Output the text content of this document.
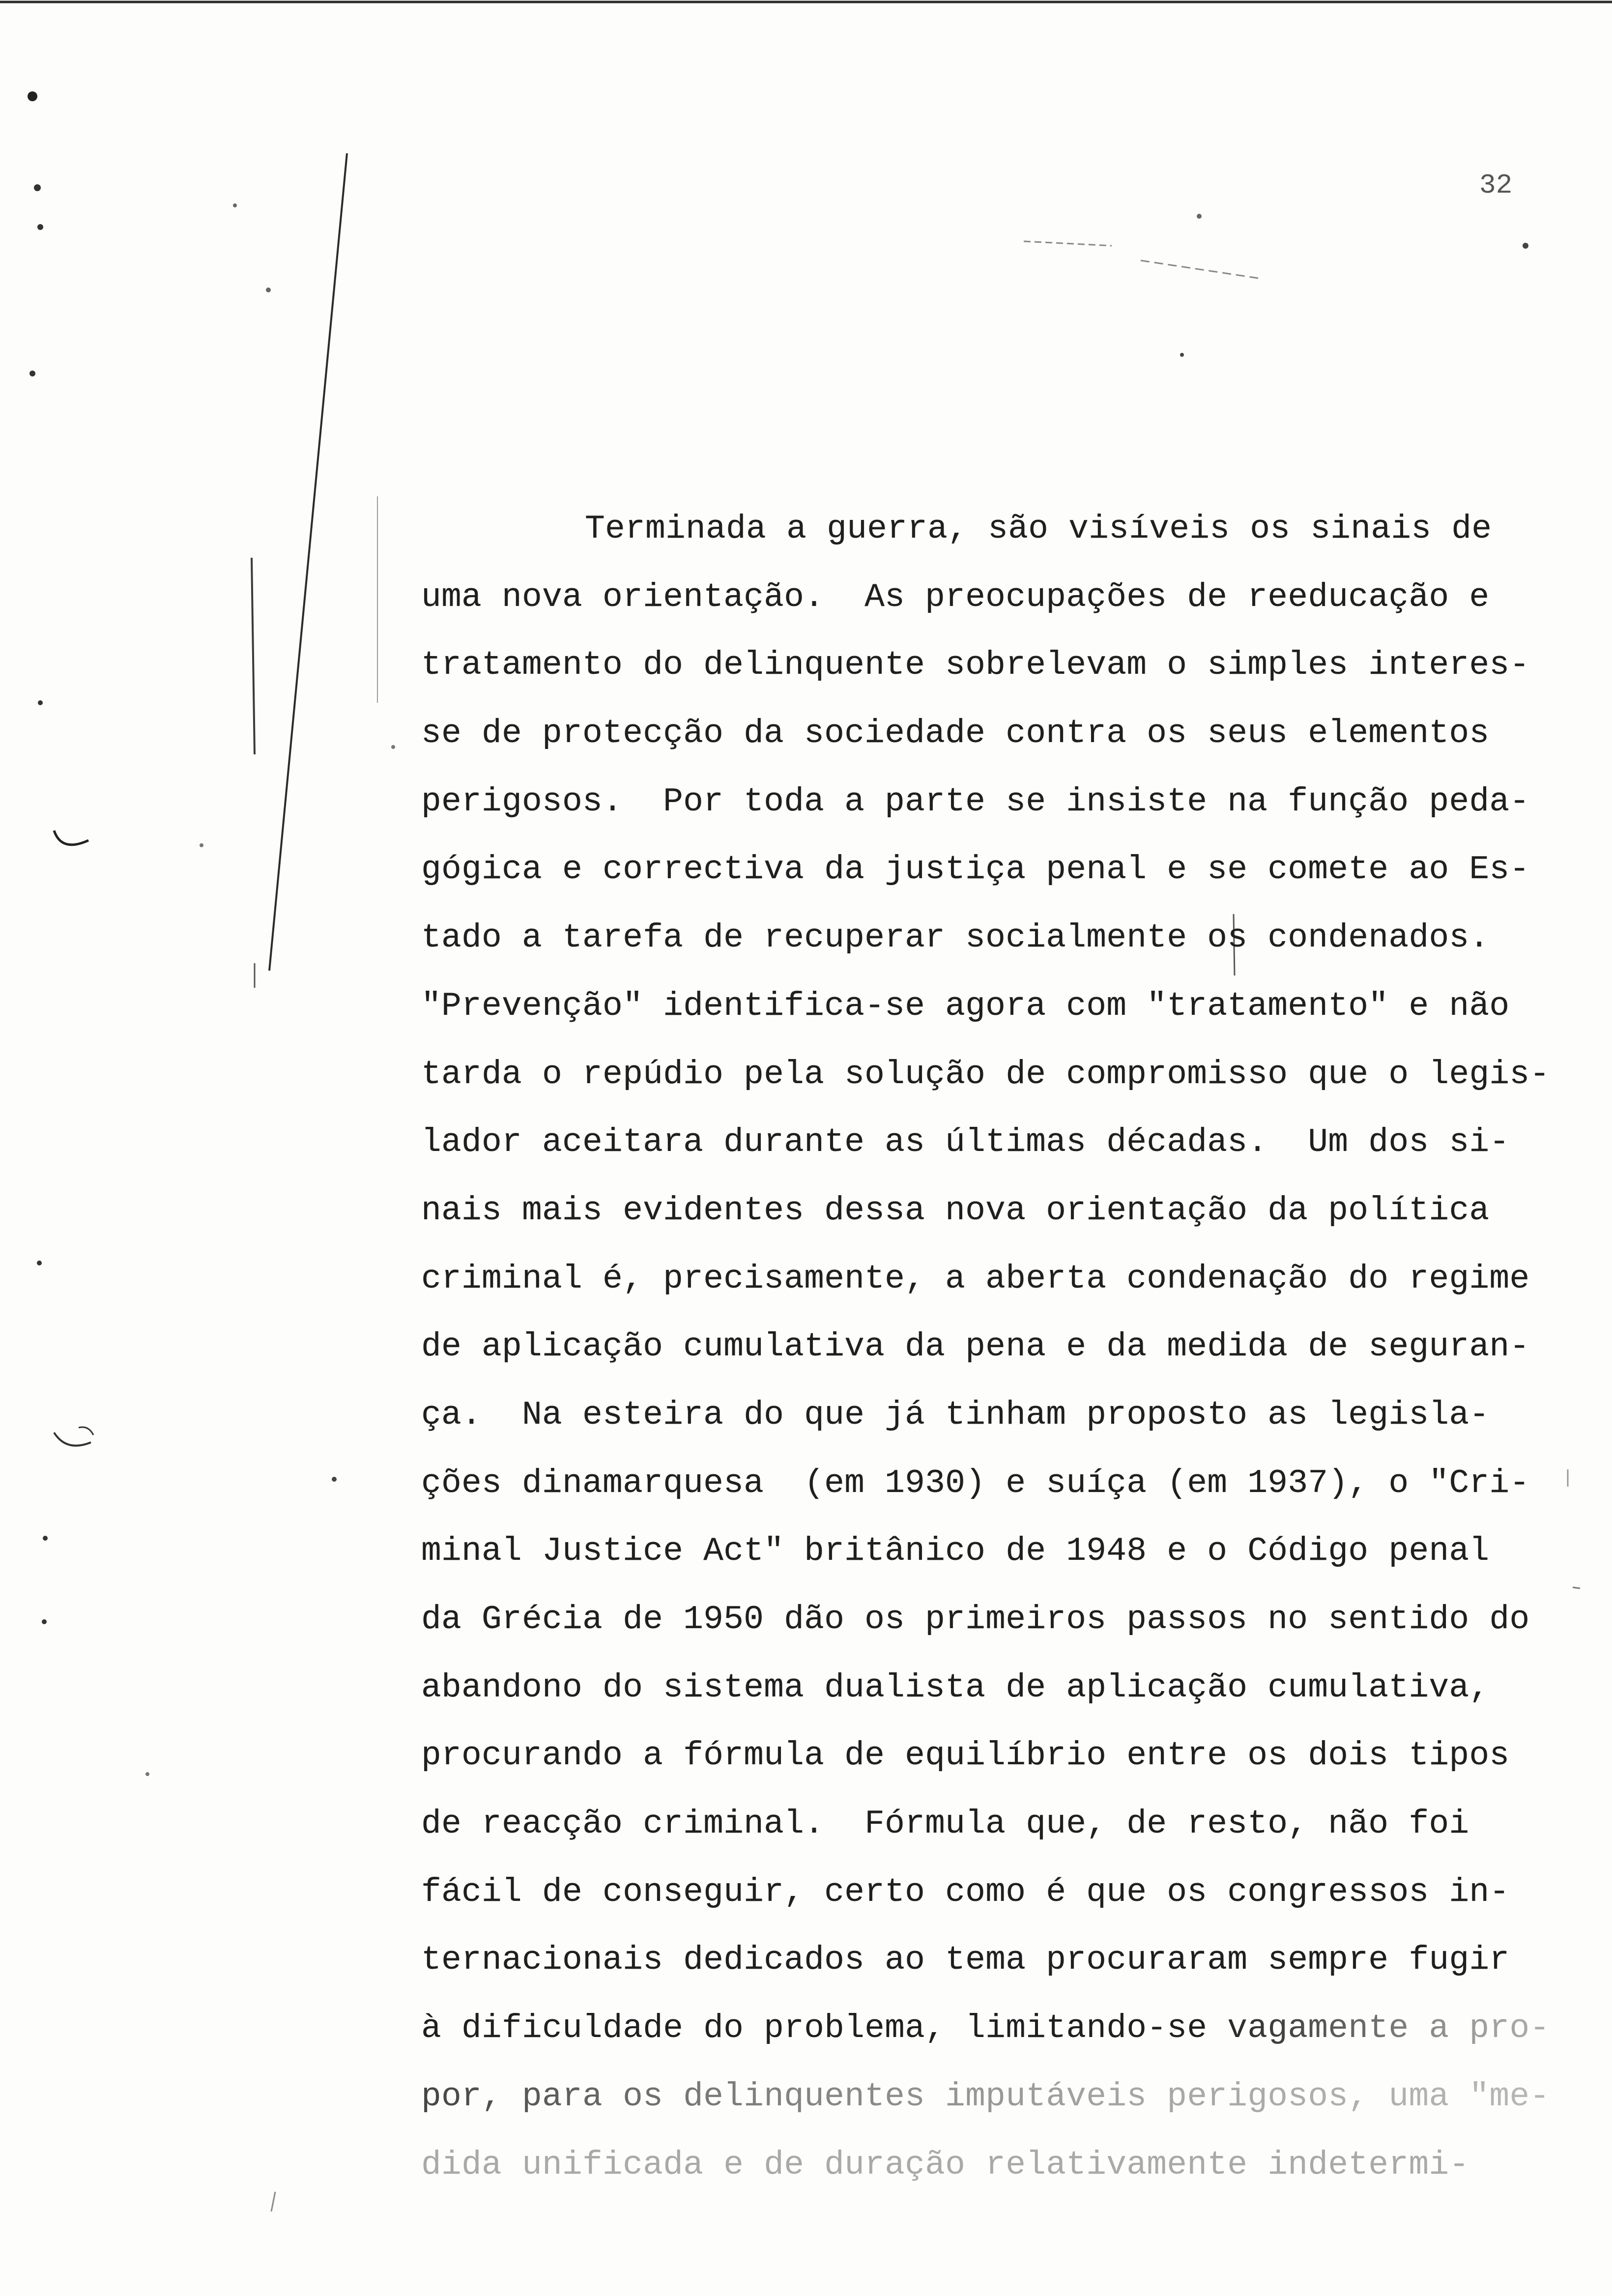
32
Terminada a guerra, são visíveis os sinais de
uma nova orientação.  As preocupações de reeducação e
tratamento do delinquente sobrelevam o simples interes-
se de protecção da sociedade contra os seus elementos
perigosos.  Por toda a parte se insiste na função peda-
gógica e correctiva da justiça penal e se comete ao Es-
tado a tarefa de recuperar socialmente os condenados.
"Prevenção" identifica-se agora com "tratamento" e não
tarda o repúdio pela solução de compromisso que o legis-
lador aceitara durante as últimas décadas.  Um dos si-
nais mais evidentes dessa nova orientação da política
criminal é, precisamente, a aberta condenação do regime
de aplicação cumulativa da pena e da medida de seguran-
ça.  Na esteira do que já tinham proposto as legisla-
ções dinamarquesa  (em 1930) e suíça (em 1937), o "Cri-
minal Justice Act" britânico de 1948 e o Código penal
da Grécia de 1950 dão os primeiros passos no sentido do
abandono do sistema dualista de aplicação cumulativa,
procurando a fórmula de equilíbrio entre os dois tipos
de reacção criminal.  Fórmula que, de resto, não foi
fácil de conseguir, certo como é que os congressos in-
ternacionais dedicados ao tema procuraram sempre fugir
à dificuldade do problema, limitando-se vagamente a pro-
por, para os delinquentes imputáveis perigosos, uma "me-
dida unificada e de duração relativamente indetermi-
